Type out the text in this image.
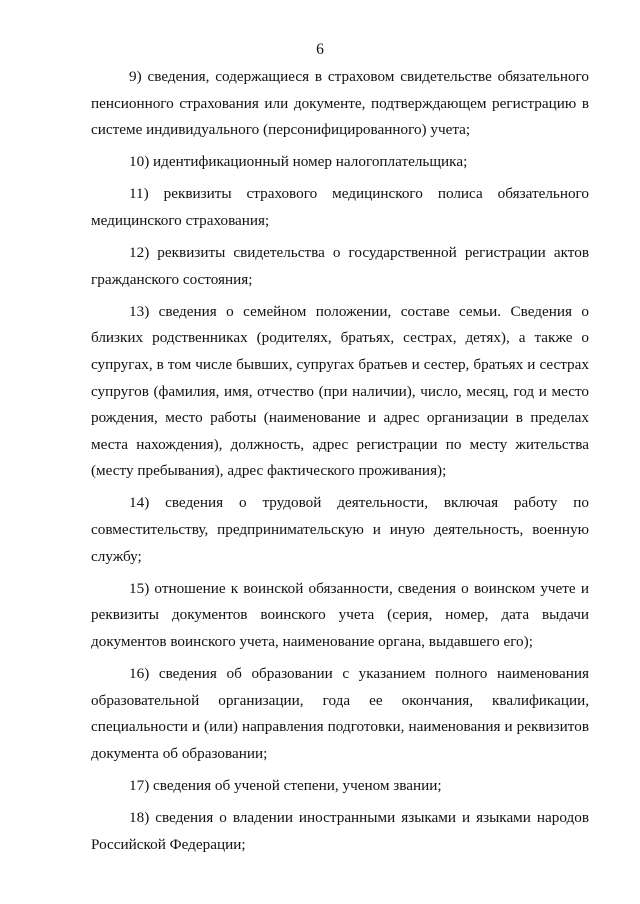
6

9) сведения, содержащиеся в страховом свидетельстве обязательного пенсионного страхования или документе, подтверждающем регистрацию в системе индивидуального (персонифицированного) учета;

10) идентификационный номер налогоплательщика;

11) реквизиты страхового медицинского полиса обязательного медицинского страхования;

12) реквизиты свидетельства о государственной регистрации актов гражданского состояния;

13) сведения о семейном положении, составе семьи. Сведения о близких родственниках (родителях, братьях, сестрах, детях), а также о супругах, в том числе бывших, супругах братьев и сестер, братьях и сестрах супругов (фамилия, имя, отчество (при наличии), число, месяц, год и место рождения, место работы (наименование и адрес организации в пределах места нахождения), должность, адрес регистрации по месту жительства (месту пребывания), адрес фактического проживания);

14) сведения о трудовой деятельности, включая работу по совместительству, предпринимательскую и иную деятельность, военную службу;

15) отношение к воинской обязанности, сведения о воинском учете и реквизиты документов воинского учета (серия, номер, дата выдачи документов воинского учета, наименование органа, выдавшего его);

16) сведения об образовании с указанием полного наименования образовательной организации, года ее окончания, квалификации, специальности и (или) направления подготовки, наименования и реквизитов документа об образовании;

17) сведения об ученой степени, ученом звании;

18) сведения о владении иностранными языками и языками народов Российской Федерации;
